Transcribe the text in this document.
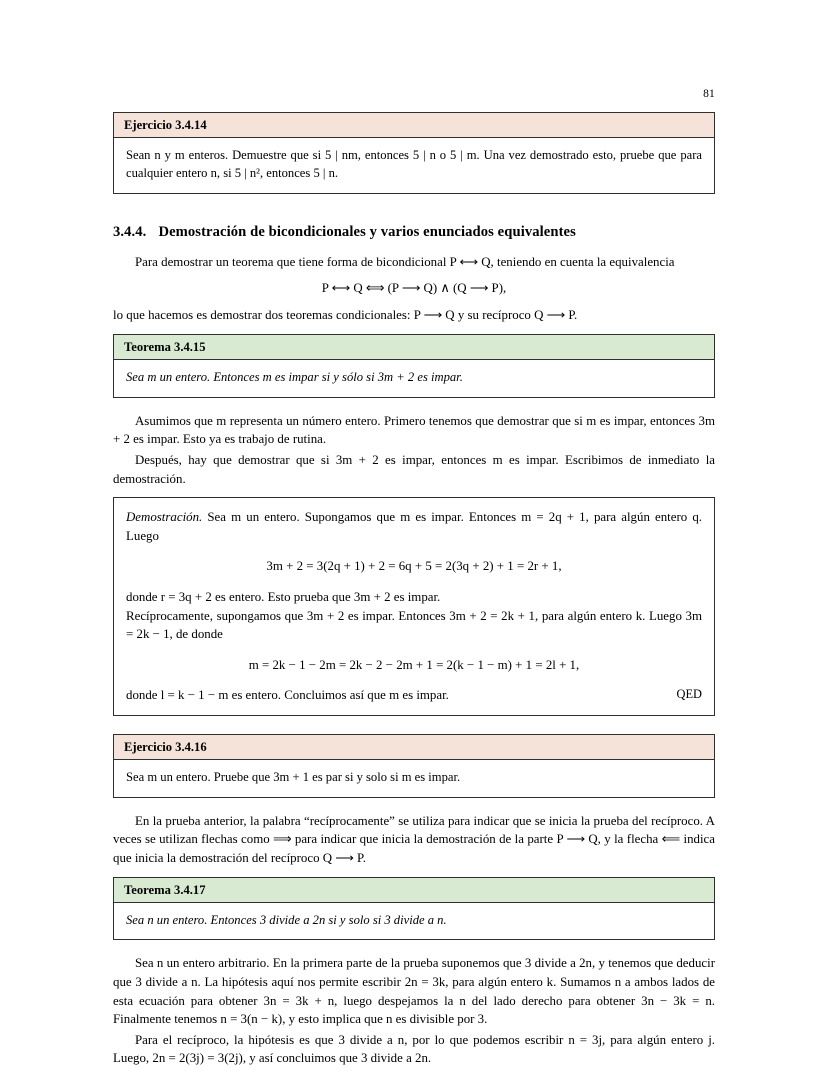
81
Ejercicio 3.4.14
Sean n y m enteros. Demuestre que si 5 | nm, entonces 5 | n o 5 | m. Una vez demostrado esto, pruebe que para cualquier entero n, si 5 | n², entonces 5 | n.
3.4.4. Demostración de bicondicionales y varios enunciados equivalentes

Para demostrar un teorema que tiene forma de bicondicional P ⟷ Q, teniendo en cuenta la equivalencia

P ⟷ Q ⟺ (P ⟶ Q) ∧ (Q ⟶ P),

lo que hacemos es demostrar dos teoremas condicionales: P ⟶ Q y su recíproco Q ⟶ P.

Teorema 3.4.15
Sea m un entero. Entonces m es impar si y sólo si 3m + 2 es impar.

Asumimos que m representa un número entero. Primero tenemos que demostrar que si m es impar, entonces 3m + 2 es impar. Esto ya es trabajo de rutina.

Después, hay que demostrar que si 3m + 2 es impar, entonces m es impar. Escribimos de inmediato la demostración.

Demostración. Sea m un entero. Supongamos que m es impar. Entonces m = 2q + 1, para algún entero q. Luego

3m + 2 = 3(2q + 1) + 2 = 6q + 5 = 2(3q + 2) + 1 = 2r + 1,

donde r = 3q + 2 es entero. Esto prueba que 3m + 2 es impar.

Recíprocamente, supongamos que 3m + 2 es impar. Entonces 3m + 2 = 2k + 1, para algún entero k. Luego 3m = 2k − 1, de donde

m = 2k − 1 − 2m = 2k − 2 − 2m + 1 = 2(k − 1 − m) + 1 = 2l + 1,

QED
donde l = k − 1 − m es entero. Concluimos así que m es impar.

Ejercicio 3.4.16
Sea m un entero. Pruebe que 3m + 1 es par si y solo si m es impar.

En la prueba anterior, la palabra “recíprocamente” se utiliza para indicar que se inicia la prueba del recíproco. A veces se utilizan flechas como ⟹ para indicar que inicia la demostración de la parte P ⟶ Q, y la flecha ⟸ indica que inicia la demostración del recíproco Q ⟶ P.

Teorema 3.4.17
Sea n un entero. Entonces 3 divide a 2n si y solo si 3 divide a n.

Sea n un entero arbitrario. En la primera parte de la prueba suponemos que 3 divide a 2n, y tenemos que deducir que 3 divide a n. La hipótesis aquí nos permite escribir 2n = 3k, para algún entero k. Sumamos n a ambos lados de esta ecuación para obtener 3n = 3k + n, luego despejamos la n del lado derecho para obtener 3n − 3k = n. Finalmente tenemos n = 3(n − k), y esto implica que n es divisible por 3.

Para el recíproco, la hipótesis es que 3 divide a n, por lo que podemos escribir n = 3j, para algún entero j. Luego, 2n = 2(3j) = 3(2j), y así concluimos que 3 divide a 2n.
